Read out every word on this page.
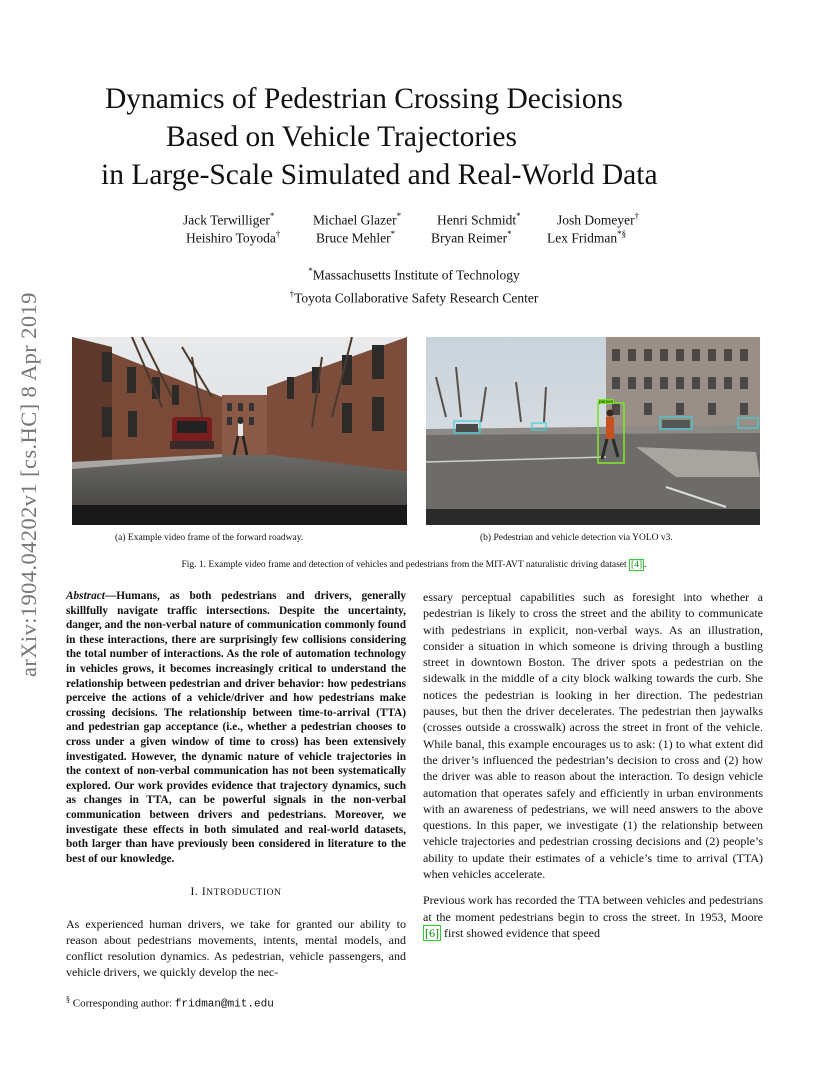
arXiv:1904.04202v1 [cs.HC] 8 Apr 2019
Dynamics of Pedestrian Crossing Decisions
Based on Vehicle Trajectories
in Large-Scale Simulated and Real-World Data
Jack Terwilliger*	Michael Glazer*	Henri Schmidt*	Josh Domeyer†
Heishiro Toyoda†	Bruce Mehler*	Bryan Reimer*	Lex Fridman*§
*Massachusetts Institute of Technology
†Toyota Collaborative Safety Research Center
person
(a) Example video frame of the forward roadway.	(b) Pedestrian and vehicle detection via YOLO v3.
Fig. 1. Example video frame and detection of vehicles and pedestrians from the MIT-AVT naturalistic driving dataset [4] .
Abstract—Humans, as both pedestrians and drivers, generally skillfully navigate traffic intersections. Despite the uncertainty, danger, and the non-verbal nature of communication commonly found in these interactions, there are surprisingly few collisions considering the total number of interactions. As the role of automation technology in vehicles grows, it becomes increasingly critical to understand the relationship between pedestrian and driver behavior: how pedestrians perceive the actions of a vehicle/driver and how pedestrians make crossing decisions. The relationship between time-to-arrival (TTA) and pedestrian gap acceptance (i.e., whether a pedestrian chooses to cross under a given window of time to cross) has been extensively investigated. However, the dynamic nature of vehicle trajectories in the context of non-verbal communication has not been systematically explored. Our work provides evidence that trajectory dynamics, such as changes in TTA, can be powerful signals in the non-verbal communication between drivers and pedestrians. Moreover, we investigate these effects in both simulated and real-world datasets, both larger than have previously been considered in literature to the best of our knowledge.
I. INTRODUCTION
As experienced human drivers, we take for granted our ability to reason about pedestrians movements, intents, mental models, and conflict resolution dynamics. As pedestrian, vehicle passengers, and vehicle drivers, we quickly develop the nec-
essary perceptual capabilities such as foresight into whether a pedestrian is likely to cross the street and the ability to communicate with pedestrians in explicit, non-verbal ways. As an illustration, consider a situation in which someone is driving through a bustling street in downtown Boston. The driver spots a pedestrian on the sidewalk in the middle of a city block walking towards the curb. She notices the pedestrian is looking in her direction. The pedestrian pauses, but then the driver decelerates. The pedestrian then jaywalks (crosses outside a crosswalk) across the street in front of the vehicle. While banal, this example encourages us to ask: (1) to what extent did the driver’s influenced the pedestrian’s decision to cross and (2) how the driver was able to reason about the interaction. To design vehicle automation that operates safely and efficiently in urban environments with an awareness of pedestrians, we will need answers to the above questions. In this paper, we investigate (1) the relationship between vehicle trajectories and pedestrian crossing decisions and (2) people’s ability to update their estimates of a vehicle’s time to arrival (TTA) when vehicles accelerate.
Previous work has recorded the TTA between vehicles and pedestrians at the moment pedestrians begin to cross the street. In 1953, Moore [6] first showed evidence that speed
§ Corresponding author: fridman@mit.edu
